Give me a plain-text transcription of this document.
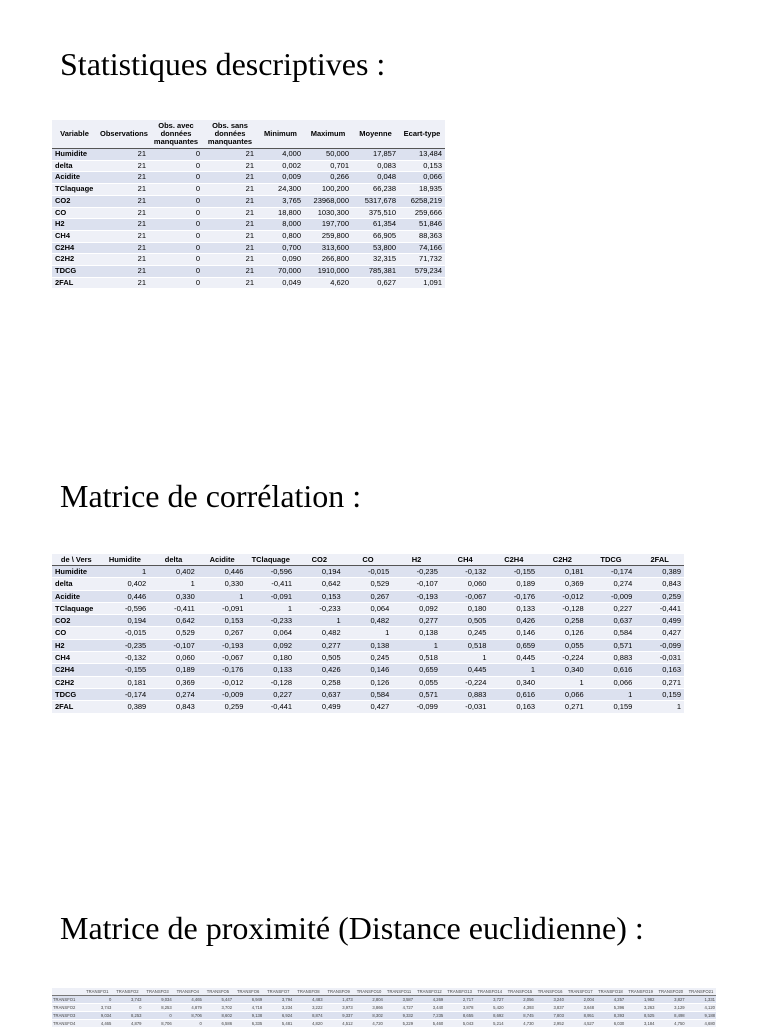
Statistiques descriptives :
Variable	Observations	Obs. avec données manquantes	Obs. sans données manquantes	Minimum	Maximum	Moyenne	Ecart-type
Humidite	21	0	21	4,000	50,000	17,857	13,484
delta	21	0	21	0,002	0,701	0,083	0,153
Acidite	21	0	21	0,009	0,266	0,048	0,066
TClaquage	21	0	21	24,300	100,200	66,238	18,935
CO2	21	0	21	3,765	23968,000	5317,678	6258,219
CO	21	0	21	18,800	1030,300	375,510	259,666
H2	21	0	21	8,000	197,700	61,354	51,846
CH4	21	0	21	0,800	259,800	66,905	88,363
C2H4	21	0	21	0,700	313,600	53,800	74,166
C2H2	21	0	21	0,090	266,800	32,315	71,732
TDCG	21	0	21	70,000	1910,000	785,381	579,234
2FAL	21	0	21	0,049	4,620	0,627	1,091
Matrice de corrélation :
de \ Vers	Humidite	delta	Acidite	TClaquage	CO2	CO	H2	CH4	C2H4	C2H2	TDCG	2FAL
Humidite	1	0,402	0,446	-0,596	0,194	-0,015	-0,235	-0,132	-0,155	0,181	-0,174	0,389
delta	0,402	1	0,330	-0,411	0,642	0,529	-0,107	0,060	0,189	0,369	0,274	0,843
Acidite	0,446	0,330	1	-0,091	0,153	0,267	-0,193	-0,067	-0,176	-0,012	-0,009	0,259
TClaquage	-0,596	-0,411	-0,091	1	-0,233	0,064	0,092	0,180	0,133	-0,128	0,227	-0,441
CO2	0,194	0,642	0,153	-0,233	1	0,482	0,277	0,505	0,426	0,258	0,637	0,499
CO	-0,015	0,529	0,267	0,064	0,482	1	0,138	0,245	0,146	0,126	0,584	0,427
H2	-0,235	-0,107	-0,193	0,092	0,277	0,138	1	0,518	0,659	0,055	0,571	-0,099
CH4	-0,132	0,060	-0,067	0,180	0,505	0,245	0,518	1	0,445	-0,224	0,883	-0,031
C2H4	-0,155	0,189	-0,176	0,133	0,426	0,146	0,659	0,445	1	0,340	0,616	0,163
C2H2	0,181	0,369	-0,012	-0,128	0,258	0,126	0,055	-0,224	0,340	1	0,066	0,271
TDCG	-0,174	0,274	-0,009	0,227	0,637	0,584	0,571	0,883	0,616	0,066	1	0,159
2FAL	0,389	0,843	0,259	-0,441	0,499	0,427	-0,099	-0,031	0,163	0,271	0,159	1
Matrice de proximité (Distance euclidienne) :
	TRANSFO1	TRANSFO2	TRANSFO3	TRANSFO4	TRANSFO5	TRANSFO6	TRANSFO7	TRANSFO8	TRANSFO9	TRANSFO10	TRANSFO11	TRANSFO12	TRANSFO13	TRANSFO14	TRANSFO15	TRANSFO16	TRANSFO17	TRANSFO18	TRANSFO19	TRANSFO20	TRANSFO21
TRANSFO1	0	3,743	9,034	4,465	5,447	6,949	3,794	4,483	1,473	2,804	3,587	4,269	2,717	3,727	2,056	3,240	2,004	4,257	1,982	3,827	1,331
TRANSFO2	3,743	0	8,253	4,879	3,702	4,718	3,234	3,222	3,973	3,866	4,727	3,440	3,878	5,420	4,393	3,837	3,648	5,396	3,263	3,129	4,120
TRANSFO3	9,034	8,253	0	8,706	8,602	9,138	6,924	8,874	9,337	8,302	9,332	7,235	8,655	8,692	8,745	7,803	8,951	8,393	8,525	8,498	9,188
TRANSFO4	4,465	4,879	8,706	0	6,586	6,335	5,481	4,820	4,512	4,720	5,229	5,460	5,043	5,214	4,730	2,952	4,527	6,030	3,184	4,750	4,680
